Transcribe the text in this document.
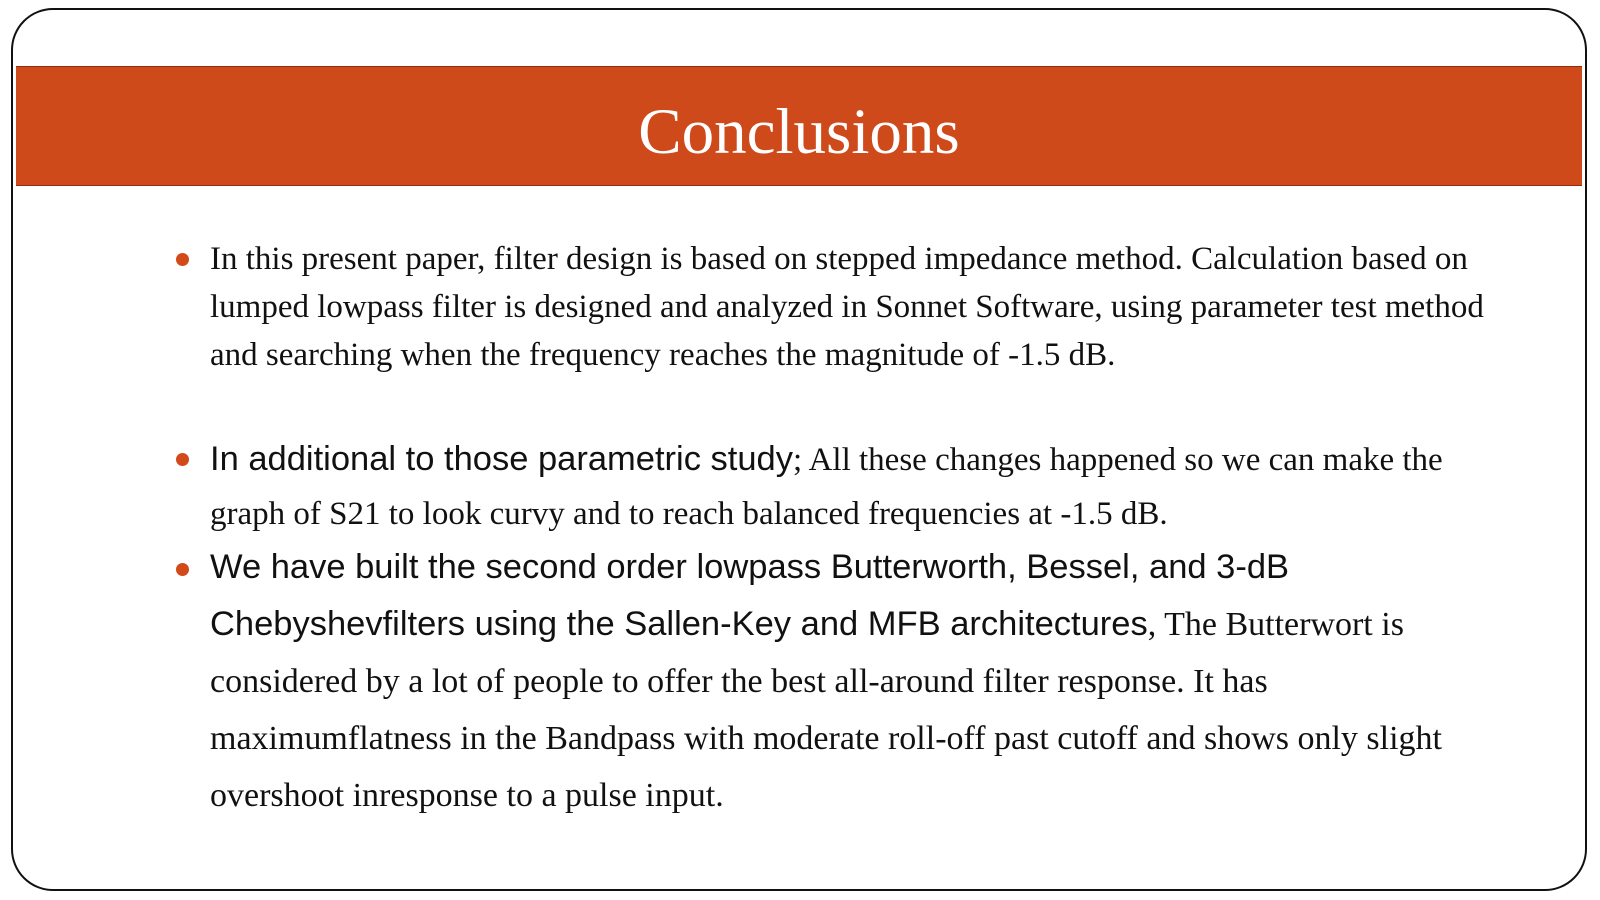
Conclusions
In this present paper, filter design is based on stepped impedance method. Calculation based on lumped lowpass filter is designed and analyzed in Sonnet Software, using parameter test method and searching when the frequency reaches the magnitude of -1.5 dB.
In additional to those parametric study; All these changes happened so we can make the graph of S21 to look curvy and to reach balanced frequencies at -1.5 dB.
We have built the second order lowpass Butterworth, Bessel, and 3-dB Chebyshevfilters using the Sallen-Key and MFB architectures, The Butterwort is considered by a lot of people to offer the best all-around filter response. It has maximumflatness in the Bandpass with moderate roll-off past cutoff and shows only slight overshoot inresponse to a pulse input.
